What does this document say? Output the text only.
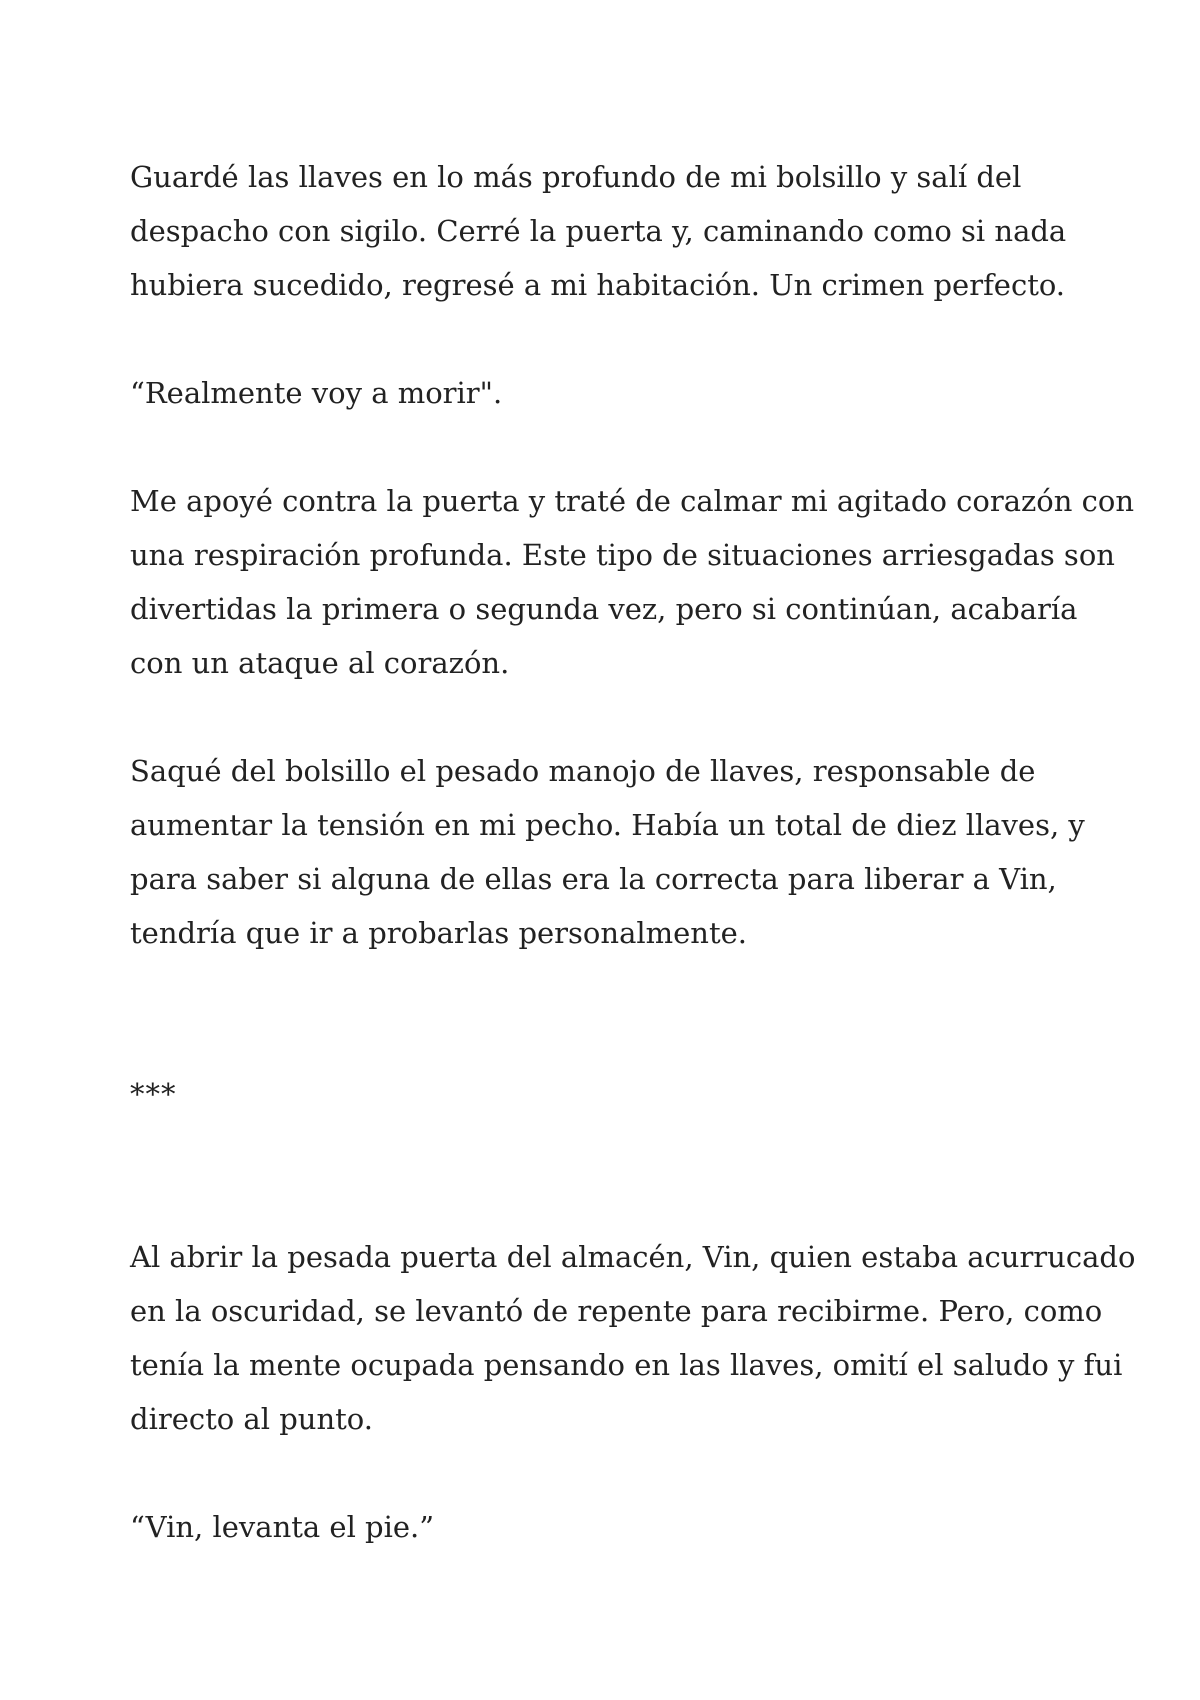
Guardé las llaves en lo más profundo de mi bolsillo y salí del
despacho con sigilo. Cerré la puerta y, caminando como si nada
hubiera sucedido, regresé a mi habitación. Un crimen perfecto.

“Realmente voy a morir".

Me apoyé contra la puerta y traté de calmar mi agitado corazón con
una respiración profunda. Este tipo de situaciones arriesgadas son
divertidas la primera o segunda vez, pero si continúan, acabaría
con un ataque al corazón.

Saqué del bolsillo el pesado manojo de llaves, responsable de
aumentar la tensión en mi pecho. Había un total de diez llaves, y
para saber si alguna de ellas era la correcta para liberar a Vin,
tendría que ir a probarlas personalmente.

***

Al abrir la pesada puerta del almacén, Vin, quien estaba acurrucado
en la oscuridad, se levantó de repente para recibirme. Pero, como
tenía la mente ocupada pensando en las llaves, omití el saludo y fui
directo al punto.

“Vin, levanta el pie.”
